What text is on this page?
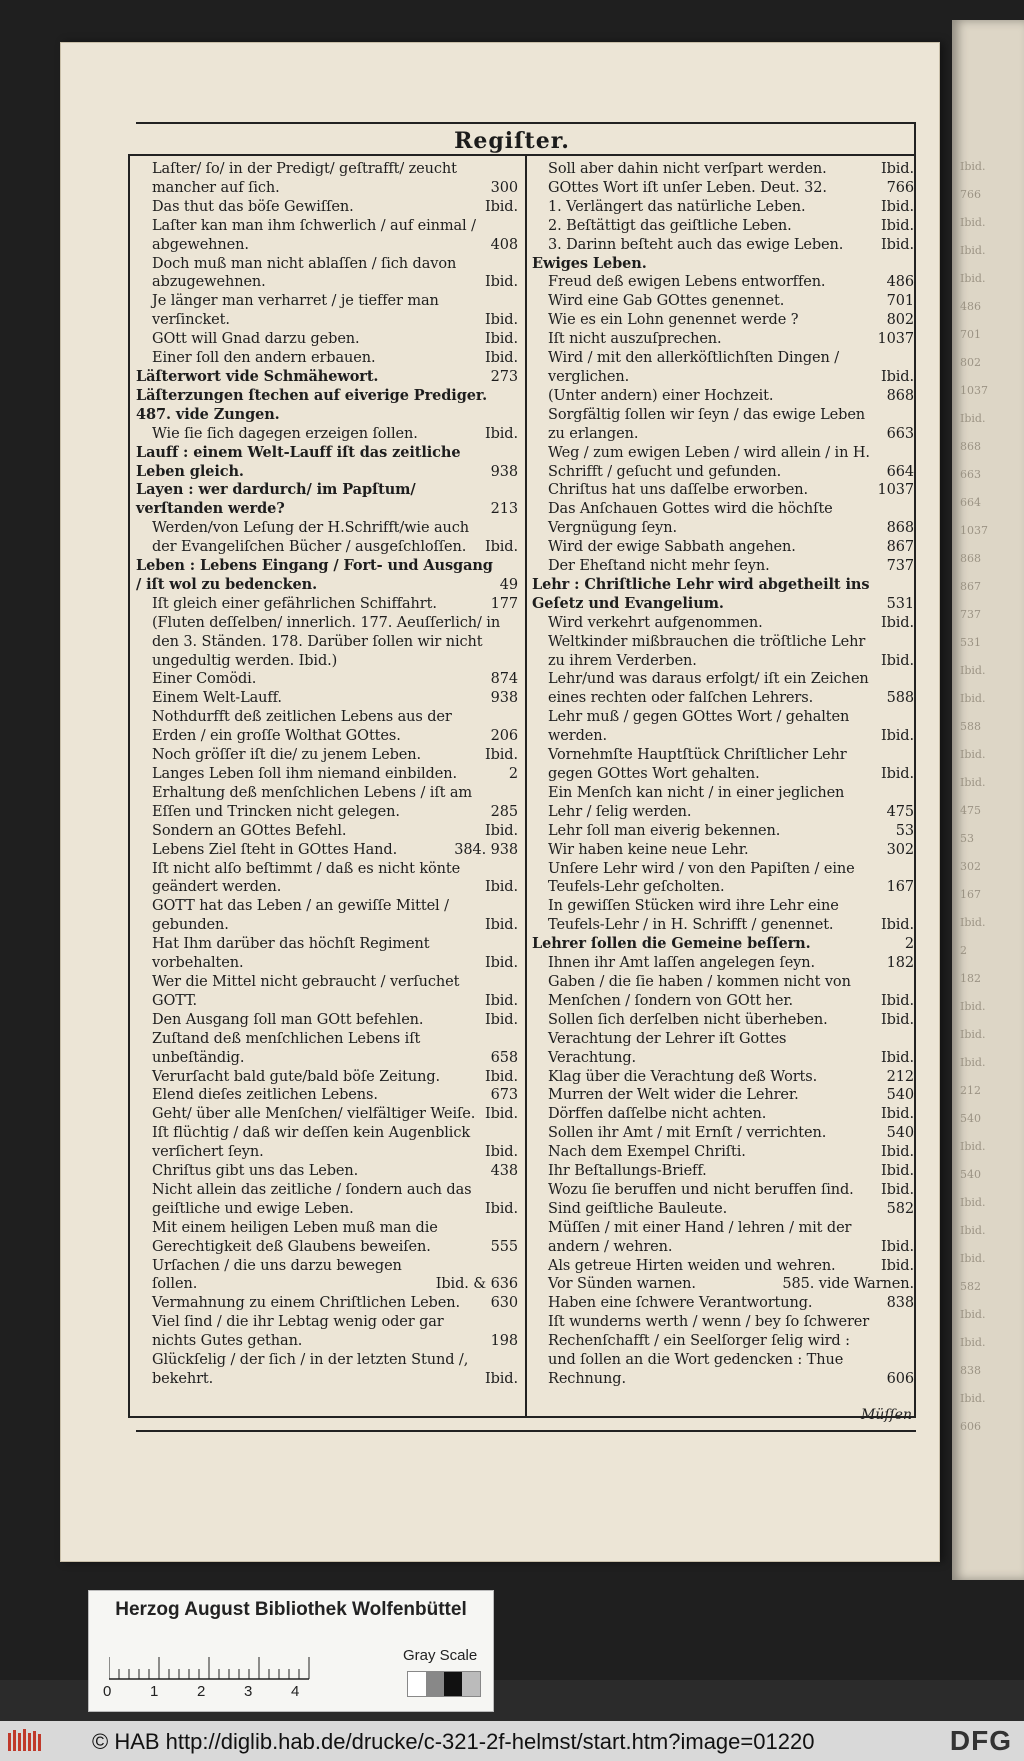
Ibid.
766
Ibid.
Ibid.
Ibid.
486
701
802
1037
Ibid.
868
663
664
1037
868
867
737
531
Ibid.
Ibid.
588
Ibid.
Ibid.
475
53
302
167
Ibid.
2
182
Ibid.
Ibid.
Ibid.
212
540
Ibid.
540
Ibid.
Ibid.
Ibid.
582
Ibid.
Ibid.
838
Ibid.
606
Regiſter.
Laſter/ ſo/ in der Predigt/ geſtrafft/ zeucht mancher auf ſich.	300
Das thut das böſe Gewiſſen.	Ibid.
Laſter kan man ihm ſchwerlich / auf einmal / abgewehnen.	408
Doch muß man nicht ablaſſen / ſich davon abzugewehnen.	Ibid.
Je länger man verharret / je tieffer man verſincket.	Ibid.
GOtt will Gnad darzu geben.	Ibid.
Einer ſoll den andern erbauen.	Ibid.
Läſterwort vide Schmähewort.	273
Läſterzungen ſtechen auf eiverige Prediger. 487. vide Zungen.
Wie ſie ſich dagegen erzeigen ſollen.	Ibid.
Lauff : einem Welt-Lauff iſt das zeitliche Leben gleich.	938
Layen : wer dardurch/ im Papſtum/ verſtanden werde?	213
Werden/von Leſung der H.Schrifft/wie auch der Evangeliſchen Bücher / ausgeſchloſſen.	Ibid.
Leben : Lebens Eingang / Fort- und Ausgang / iſt wol zu bedencken.	49
Iſt gleich einer gefährlichen Schiffahrt.	177
(Fluten deſſelben/ innerlich. 177. Aeuſſerlich/ in den 3. Ständen. 178. Darüber ſollen wir nicht ungedultig werden. Ibid.)
Einer Comödi.	874
Einem Welt-Lauff.	938
Nothdurfft deß zeitlichen Lebens aus der Erden / ein groſſe Wolthat GOttes.	206
Noch gröſſer iſt die/ zu jenem Leben.	Ibid.
Langes Leben ſoll ihm niemand einbilden.	2
Erhaltung deß menſchlichen Lebens / iſt am Eſſen und Trincken nicht gelegen.	285
Sondern an GOttes Befehl.	Ibid.
Lebens Ziel ſteht in GOttes Hand.	384. 938
Iſt nicht alſo beſtimmt / daß es nicht könte geändert werden.	Ibid.
GOTT hat das Leben / an gewiſſe Mittel / gebunden.	Ibid.
Hat Ihm darüber das höchſt Regiment vorbehalten.	Ibid.
Wer die Mittel nicht gebraucht / verſuchet GOTT.	Ibid.
Den Ausgang ſoll man GOtt befehlen.	Ibid.
Zuſtand deß menſchlichen Lebens iſt unbeſtändig.	658
Verurſacht bald gute/bald böſe Zeitung.	Ibid.
Elend dieſes zeitlichen Lebens.	673
Geht/ über alle Menſchen/ vielfältiger Weiſe. Ibid.
Iſt flüchtig / daß wir deſſen kein Augenblick verſichert ſeyn.	Ibid.
Chriſtus gibt uns das Leben.	438
Nicht allein das zeitliche / ſondern auch das geiſtliche und ewige Leben.	Ibid.
Mit einem heiligen Leben muß man die Gerechtigkeit deß Glaubens beweiſen.	555
Urſachen / die uns darzu bewegen ſollen.	Ibid. & 636
Vermahnung zu einem Chriſtlichen Leben.	630
Viel ſind / die ihr Lebtag wenig oder gar nichts Gutes gethan.	198
Glückſelig / der ſich / in der letzten Stund /, bekehrt.	Ibid.
Soll aber dahin nicht verſpart werden.	Ibid.
GOttes Wort iſt unſer Leben. Deut. 32.	766
1. Verlängert das natürliche Leben.	Ibid.
2. Beſtättigt das geiſtliche Leben.	Ibid.
3. Darinn beſteht auch das ewige Leben.	Ibid.
Ewiges Leben.
Freud deß ewigen Lebens entworffen.	486
Wird eine Gab GOttes genennet.	701
Wie es ein Lohn genennet werde ?	802
Iſt nicht auszuſprechen.	1037
Wird / mit den allerköſtlichſten Dingen / verglichen.	Ibid.
(Unter andern) einer Hochzeit.	868
Sorgfältig ſollen wir ſeyn / das ewige Leben zu erlangen.	663
Weg / zum ewigen Leben / wird allein / in H. Schrifft / geſucht und gefunden.	664
Chriſtus hat uns daſſelbe erworben.	1037
Das Anſchauen Gottes wird die höchſte Vergnügung ſeyn.	868
Wird der ewige Sabbath angehen.	867
Der Eheſtand nicht mehr ſeyn.	737
Lehr : Chriſtliche Lehr wird abgetheilt ins Geſetz und Evangelium.	531
Wird verkehrt aufgenommen.	Ibid.
Weltkinder mißbrauchen die tröſtliche Lehr zu ihrem Verderben.	Ibid.
Lehr/und was daraus erfolgt/ iſt ein Zeichen eines rechten oder falſchen Lehrers.	588
Lehr muß / gegen GOttes Wort / gehalten werden.	Ibid.
Vornehmſte Hauptſtück Chriſtlicher Lehr gegen GOttes Wort gehalten.	Ibid.
Ein Menſch kan nicht / in einer jeglichen Lehr / ſelig werden.	475
Lehr ſoll man eiverig bekennen.	53
Wir haben keine neue Lehr.	302
Unſere Lehr wird / von den Papiſten / eine Teufels-Lehr geſcholten.	167
In gewiſſen Stücken wird ihre Lehr eine Teufels-Lehr / in H. Schrifft / genennet.	Ibid.
Lehrer ſollen die Gemeine beſſern.	2
Ihnen ihr Amt laſſen angelegen ſeyn.	182
Gaben / die ſie haben / kommen nicht von Menſchen / ſondern von GOtt her.	Ibid.
Sollen ſich derſelben nicht überheben.	Ibid.
Verachtung der Lehrer iſt Gottes Verachtung.	Ibid.
Klag über die Verachtung deß Worts.	212
Murren der Welt wider die Lehrer.	540
Dörffen daſſelbe nicht achten.	Ibid.
Sollen ihr Amt / mit Ernſt / verrichten.	540
Nach dem Exempel Chriſti.	Ibid.
Ihr Beſtallungs-Brieff.	Ibid.
Wozu ſie beruffen und nicht beruffen ſind.	Ibid.
Sind geiſtliche Bauleute.	582
Müſſen / mit einer Hand / lehren / mit der andern / wehren.	Ibid.
Als getreue Hirten weiden und wehren.	Ibid.
Vor Sünden warnen.	585. vide Warnen.
Haben eine ſchwere Verantwortung.	838
Iſt wunderns werth / wenn / bey ſo ſchwerer Rechenſchafft / ein Seelſorger ſelig wird : und ſollen an die Wort gedencken : Thue Rechnung.	606
Müſſen
Herzog August Bibliothek Wolfenbüttel
0	1	2	3	4
Gray Scale
© HAB http://diglib.hab.de/drucke/c-321-2f-helmst/start.htm?image=01220	DFG
